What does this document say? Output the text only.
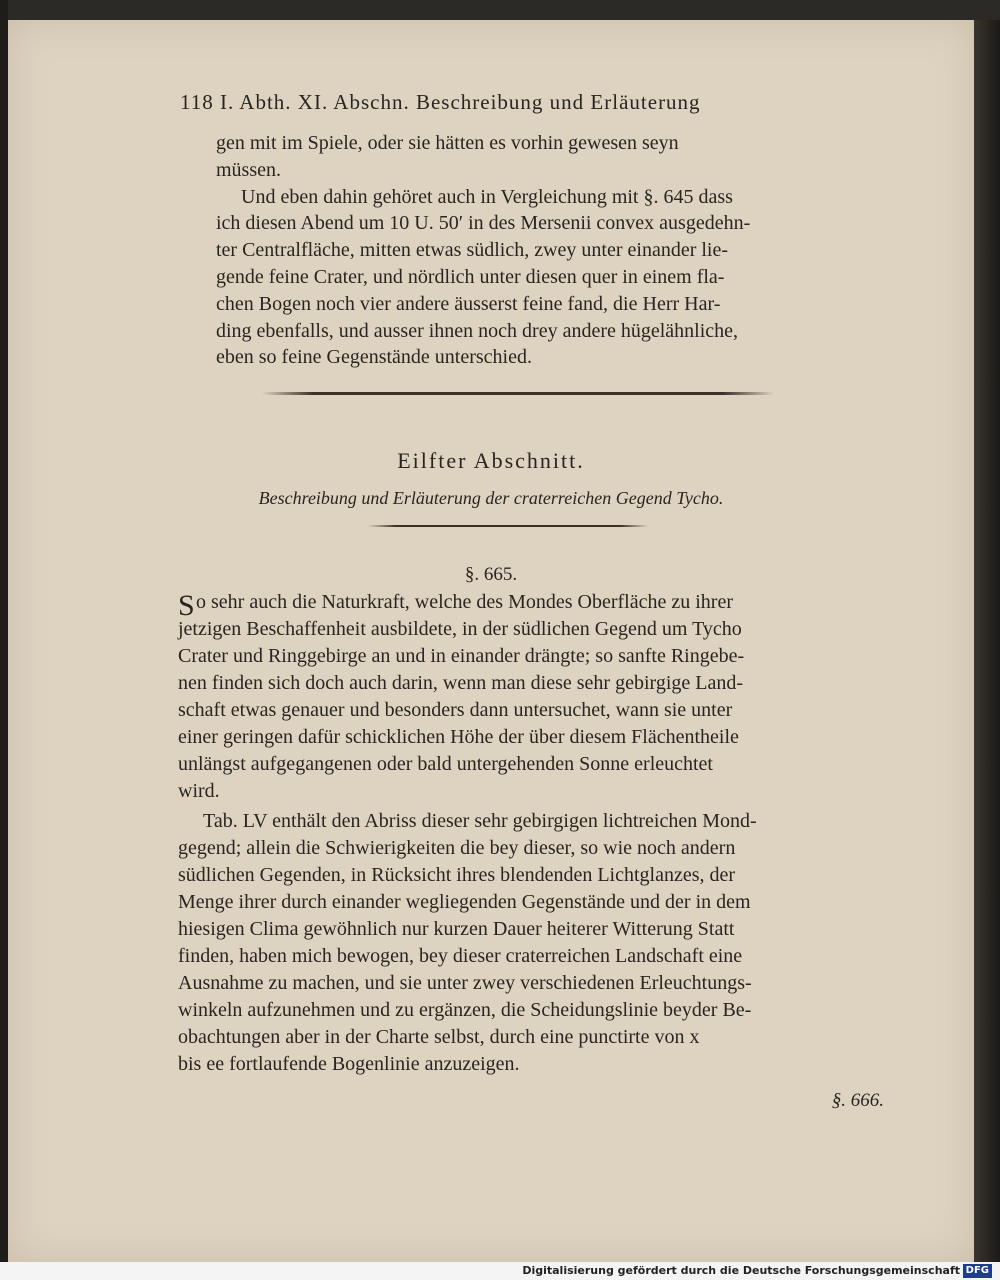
118 I. Abth. XI. Abschn. Beschreibung und Erläuterung

gen mit im Spiele, oder sie hätten es vorhin gewesen seyn

müssen.

Und eben dahin gehöret auch in Vergleichung mit §. 645 dass

ich diesen Abend um 10 U. 50′ in des Mersenii convex ausgedehn-

ter Centralfläche, mitten etwas südlich, zwey unter einander lie-

gende feine Crater, und nördlich unter diesen quer in einem fla-

chen Bogen noch vier andere äusserst feine fand, die Herr Har-

ding ebenfalls, und ausser ihnen noch drey andere hügelähnliche,

eben so feine Gegenstände unterschied.

Eilfter Abschnitt.
Beschreibung und Erläuterung der craterreichen Gegend Tycho.
§. 665.
S o sehr auch die Naturkraft, welche des Mondes Oberfläche zu ihrer

jetzigen Beschaffenheit ausbildete, in der südlichen Gegend um Tycho

Crater und Ringgebirge an und in einander drängte; so sanfte Ringebe-

nen finden sich doch auch darin, wenn man diese sehr gebirgige Land-

schaft etwas genauer und besonders dann untersuchet, wann sie unter

einer geringen dafür schicklichen Höhe der über diesem Flächentheile

unlängst aufgegangenen oder bald untergehenden Sonne erleuchtet

wird.

Tab. LV enthält den Abriss dieser sehr gebirgigen lichtreichen Mond-

gegend; allein die Schwierigkeiten die bey dieser, so wie noch andern

südlichen Gegenden, in Rücksicht ihres blendenden Lichtglanzes, der

Menge ihrer durch einander wegliegenden Gegenstände und der in dem

hiesigen Clima gewöhnlich nur kurzen Dauer heiterer Witterung Statt

finden, haben mich bewogen, bey dieser craterreichen Landschaft eine

Ausnahme zu machen, und sie unter zwey verschiedenen Erleuchtungs-

winkeln aufzunehmen und zu ergänzen, die Scheidungslinie beyder Be-

obachtungen aber in der Charte selbst, durch eine punctirte von x

bis ee fortlaufende Bogenlinie anzuzeigen.

§. 666.
Digitalisierung gefördert durch die Deutsche Forschungsgemeinschaft DFG
